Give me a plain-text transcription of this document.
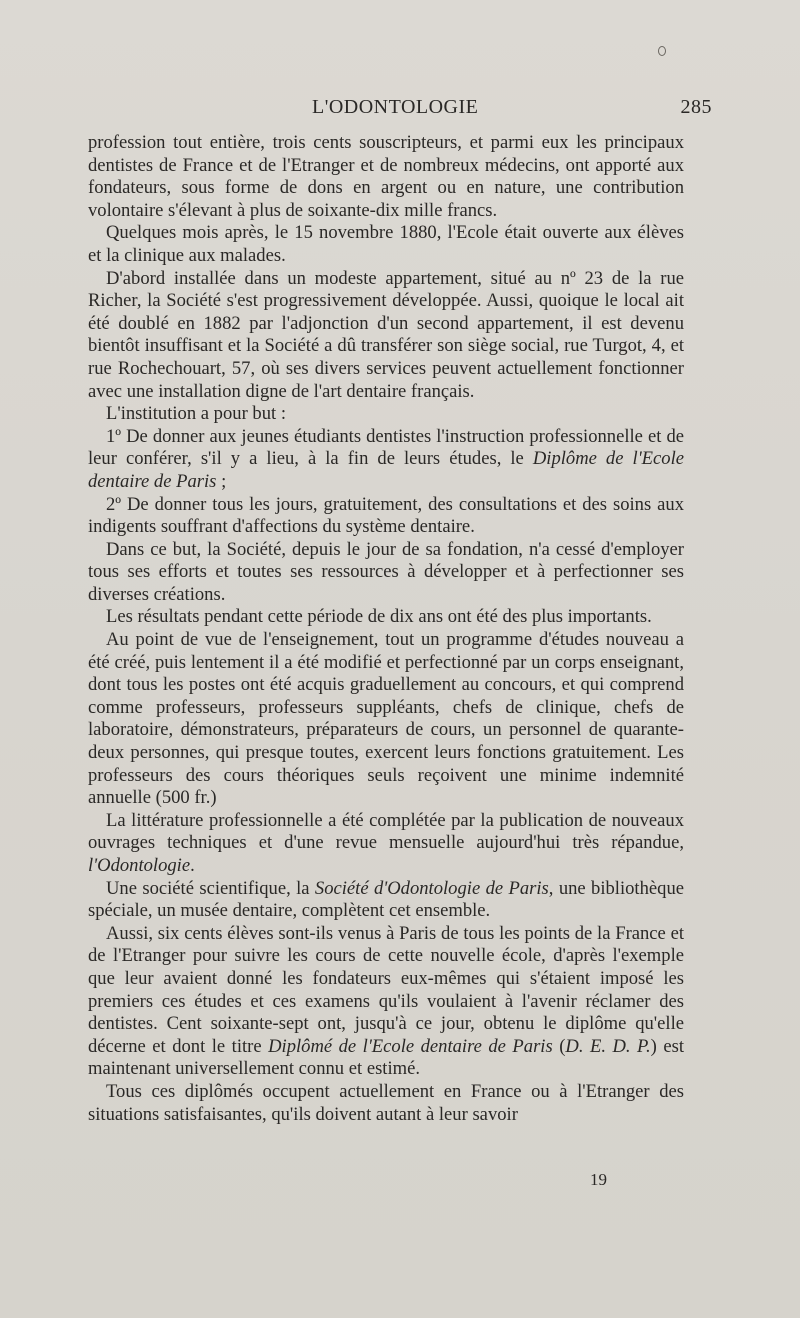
L'ODONTOLOGIE	285

profession tout entière, trois cents souscripteurs, et parmi eux les principaux dentistes de France et de l'Etranger et de nombreux médecins, ont apporté aux fondateurs, sous forme de dons en argent ou en nature, une contribution volontaire s'élevant à plus de soixante-dix mille francs.

Quelques mois après, le 15 novembre 1880, l'Ecole était ouverte aux élèves et la clinique aux malades.

D'abord installée dans un modeste appartement, situé au nº 23 de la rue Richer, la Société s'est progressivement développée. Aussi, quoique le local ait été doublé en 1882 par l'adjonction d'un second appartement, il est devenu bientôt insuffisant et la Société a dû transférer son siège social, rue Turgot, 4, et rue Rochechouart, 57, où ses divers services peuvent actuellement fonctionner avec une installation digne de l'art dentaire français.

L'institution a pour but :

1º De donner aux jeunes étudiants dentistes l'instruction professionnelle et de leur conférer, s'il y a lieu, à la fin de leurs études, le Diplôme de l'Ecole dentaire de Paris ;

2º De donner tous les jours, gratuitement, des consultations et des soins aux indigents souffrant d'affections du système dentaire.

Dans ce but, la Société, depuis le jour de sa fondation, n'a cessé d'employer tous ses efforts et toutes ses ressources à développer et à perfectionner ses diverses créations.

Les résultats pendant cette période de dix ans ont été des plus importants.

Au point de vue de l'enseignement, tout un programme d'études nouveau a été créé, puis lentement il a été modifié et perfectionné par un corps enseignant, dont tous les postes ont été acquis graduellement au concours, et qui comprend comme professeurs, professeurs suppléants, chefs de clinique, chefs de laboratoire, démonstrateurs, préparateurs de cours, un personnel de quarante-deux personnes, qui presque toutes, exercent leurs fonctions gratuitement. Les professeurs des cours théoriques seuls reçoivent une minime indemnité annuelle (500 fr.)

La littérature professionnelle a été complétée par la publication de nouveaux ouvrages techniques et d'une revue mensuelle aujourd'hui très répandue, l'Odontologie.

Une société scientifique, la Société d'Odontologie de Paris, une bibliothèque spéciale, un musée dentaire, complètent cet ensemble.

Aussi, six cents élèves sont-ils venus à Paris de tous les points de la France et de l'Etranger pour suivre les cours de cette nouvelle école, d'après l'exemple que leur avaient donné les fondateurs eux-mêmes qui s'étaient imposé les premiers ces études et ces examens qu'ils voulaient à l'avenir réclamer des dentistes. Cent soixante-sept ont, jusqu'à ce jour, obtenu le diplôme qu'elle décerne et dont le titre Diplômé de l'Ecole dentaire de Paris (D. E. D. P.) est maintenant universellement connu et estimé.

Tous ces diplômés occupent actuellement en France ou à l'Etranger des situations satisfaisantes, qu'ils doivent autant à leur savoir

19
